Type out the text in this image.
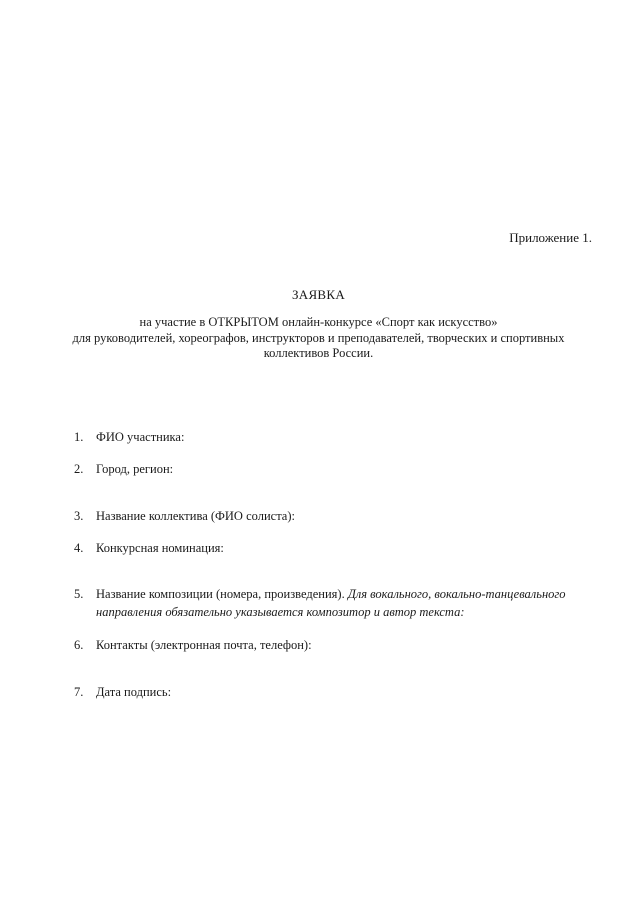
Приложение 1.
ЗАЯВКА
на участие в ОТКРЫТОМ онлайн-конкурсе «Спорт как искусство»
для руководителей, хореографов, инструкторов и преподавателей, творческих и спортивных
коллективов России.
1.	ФИО участника:
2.	Город, регион:
3.	Название коллектива (ФИО солиста):
4.	Конкурсная номинация:
5.	Название композиции (номера, произведения). Для вокального, вокально-танцевального направления обязательно указывается композитор и автор текста:
6.	Контакты (электронная почта, телефон):
7.	Дата подпись:
